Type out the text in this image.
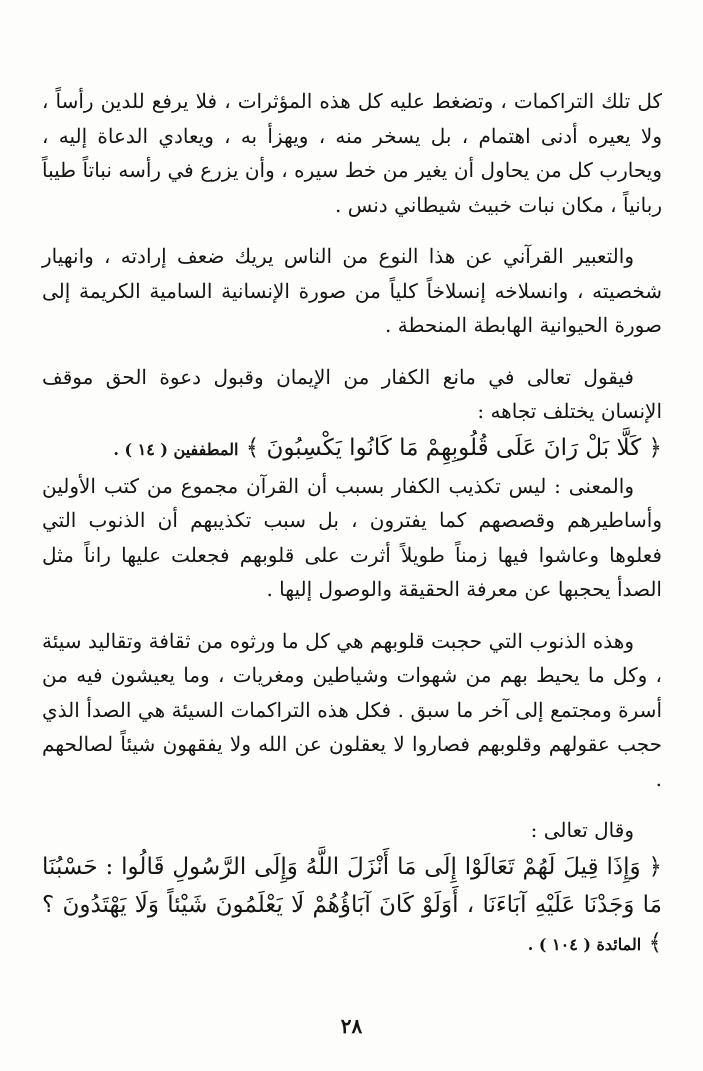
كل تلك التراكمات ، وتضغط عليه كل هذه المؤثرات ، فلا يرفع للدين رأساً ، ولا يعيره أدنى اهتمام ، بل يسخر منه ، ويهزأ به ، ويعادي الدعاة إليه ، ويحارب كل من يحاول أن يغير من خط سيره ، وأن يزرع في رأسه نباتاً طيباً ربانياً ، مكان نبات خبيث شيطاني دنس .

والتعبير القرآني عن هذا النوع من الناس يريك ضعف إرادته ، وانهيار شخصيته ، وانسلاخه إنسلاخاً كلياً من صورة الإنسانية السامية الكريمة إلى صورة الحيوانية الهابطة المنحطة .

فيقول تعالى في مانع الكفار من الإيمان وقبول دعوة الحق موقف الإنسان يختلف تجاهه :

﴿ كَلَّا بَلْ رَانَ عَلَى قُلُوبِهِمْ مَا كَانُوا يَكْسِبُونَ ﴾ المطففين ( ١٤ ) .

والمعنى : ليس تكذيب الكفار بسبب أن القرآن مجموع من كتب الأولين وأساطيرهم وقصصهم كما يفترون ، بل سبب تكذيبهم أن الذنوب التي فعلوها وعاشوا فيها زمناً طويلاً أثرت على قلوبهم فجعلت عليها راناً مثل الصدأ يحجبها عن معرفة الحقيقة والوصول إليها .

وهذه الذنوب التي حجبت قلوبهم هي كل ما ورثوه من ثقافة وتقاليد سيئة ، وكل ما يحيط بهم من شهوات وشياطين ومغريات ، وما يعيشون فيه من أسرة ومجتمع إلى آخر ما سبق . فكل هذه التراكمات السيئة هي الصدأ الذي حجب عقولهم وقلوبهم فصاروا لا يعقلون عن الله ولا يفقهون شيئاً لصالحهم .

وقال تعالى :

﴿ وَإِذَا قِيلَ لَهُمْ تَعَالَوْا إِلَى مَا أَنْزَلَ اللَّهُ وَإِلَى الرَّسُولِ قَالُوا : حَسْبُنَا مَا وَجَدْنَا عَلَيْهِ آبَاءَنَا ، أَوَلَوْ كَانَ آبَاؤُهُمْ لَا يَعْلَمُونَ شَيْئاً وَلَا يَهْتَدُونَ ؟ ﴾ المائدة ( ١٠٤ ) .

٢٨
